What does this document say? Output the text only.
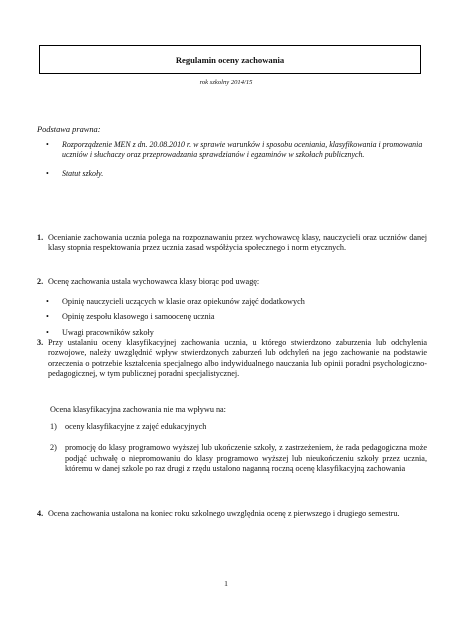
Regulamin oceny zachowania
rok szkolny 2014/15
Podstawa prawna:
• Rozporządzenie MEN z dn. 20.08.2010 r. w sprawie warunków i sposobu oceniania, klasyfikowania i promowania uczniów i słuchaczy oraz przeprowadzania sprawdzianów i egzaminów w szkołach publicznych.
• Statut szkoły.
1. Ocenianie zachowania ucznia polega na rozpoznawaniu przez wychowawcę klasy, nauczycieli oraz uczniów danej klasy stopnia respektowania przez ucznia zasad współżycia społecznego i norm etycznych.
2. Ocenę zachowania ustala wychowawca klasy biorąc pod uwagę:
• Opinię nauczycieli uczących w klasie oraz opiekunów zajęć dodatkowych
• Opinię zespołu klasowego i samoocenę ucznia
• Uwagi pracowników szkoły
3. Przy ustalaniu oceny klasyfikacyjnej zachowania ucznia, u którego stwierdzono zaburzenia lub odchylenia rozwojowe, należy uwzględnić wpływ stwierdzonych zaburzeń lub odchyleń na jego zachowanie na podstawie orzeczenia o potrzebie kształcenia specjalnego albo indywidualnego nauczania lub opinii poradni psychologiczno-pedagogicznej, w tym publicznej poradni specjalistycznej.
Ocena klasyfikacyjna zachowania nie ma wpływu na:
1) oceny klasyfikacyjne z zajęć edukacyjnych
2) promocję do klasy programowo wyższej lub ukończenie szkoły, z zastrzeżeniem, że rada pedagogiczna może podjąć uchwałę o niepromowaniu do klasy programowo wyższej lub nieukończeniu szkoły przez ucznia, któremu w danej szkole po raz drugi z rzędu ustalono naganną roczną ocenę klasyfikacyjną zachowania
4. Ocena zachowania ustalona na koniec roku szkolnego uwzględnia ocenę z pierwszego i drugiego semestru.
1
